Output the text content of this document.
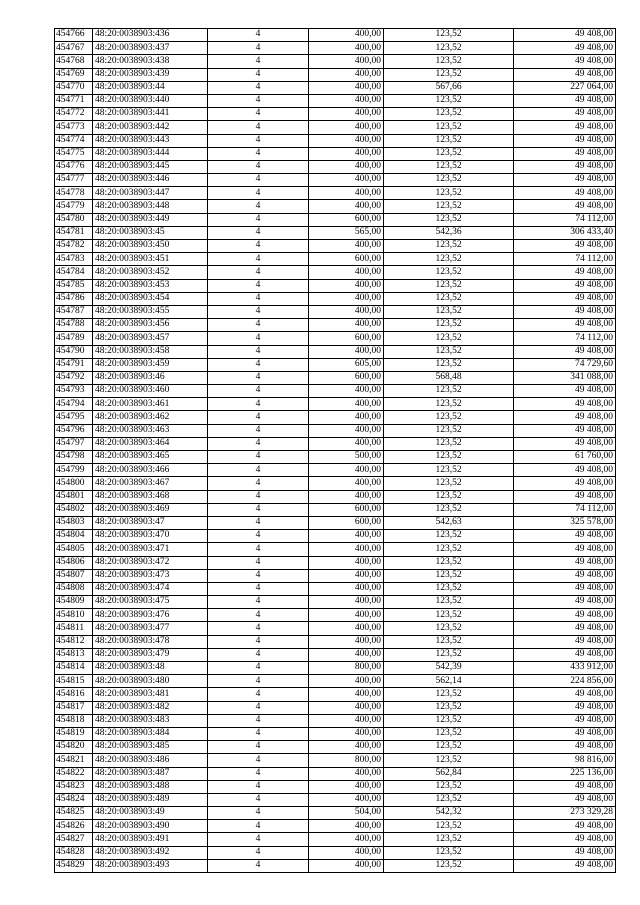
454766	48:20:0038903:436	4	400,00	123,52	49 408,00
454767	48:20:0038903:437	4	400,00	123,52	49 408,00
454768	48:20:0038903:438	4	400,00	123,52	49 408,00
454769	48:20:0038903:439	4	400,00	123,52	49 408,00
454770	48:20:0038903:44	4	400,00	567,66	227 064,00
454771	48:20:0038903:440	4	400,00	123,52	49 408,00
454772	48:20:0038903:441	4	400,00	123,52	49 408,00
454773	48:20:0038903:442	4	400,00	123,52	49 408,00
454774	48:20:0038903:443	4	400,00	123,52	49 408,00
454775	48:20:0038903:444	4	400,00	123,52	49 408,00
454776	48:20:0038903:445	4	400,00	123,52	49 408,00
454777	48:20:0038903:446	4	400,00	123,52	49 408,00
454778	48:20:0038903:447	4	400,00	123,52	49 408,00
454779	48:20:0038903:448	4	400,00	123,52	49 408,00
454780	48:20:0038903:449	4	600,00	123,52	74 112,00
454781	48:20:0038903:45	4	565,00	542,36	306 433,40
454782	48:20:0038903:450	4	400,00	123,52	49 408,00
454783	48:20:0038903:451	4	600,00	123,52	74 112,00
454784	48:20:0038903:452	4	400,00	123,52	49 408,00
454785	48:20:0038903:453	4	400,00	123,52	49 408,00
454786	48:20:0038903:454	4	400,00	123,52	49 408,00
454787	48:20:0038903:455	4	400,00	123,52	49 408,00
454788	48:20:0038903:456	4	400,00	123,52	49 408,00
454789	48:20:0038903:457	4	600,00	123,52	74 112,00
454790	48:20:0038903:458	4	400,00	123,52	49 408,00
454791	48:20:0038903:459	4	605,00	123,52	74 729,60
454792	48:20:0038903:46	4	600,00	568,48	341 088,00
454793	48:20:0038903:460	4	400,00	123,52	49 408,00
454794	48:20:0038903:461	4	400,00	123,52	49 408,00
454795	48:20:0038903:462	4	400,00	123,52	49 408,00
454796	48:20:0038903:463	4	400,00	123,52	49 408,00
454797	48:20:0038903:464	4	400,00	123,52	49 408,00
454798	48:20:0038903:465	4	500,00	123,52	61 760,00
454799	48:20:0038903:466	4	400,00	123,52	49 408,00
454800	48:20:0038903:467	4	400,00	123,52	49 408,00
454801	48:20:0038903:468	4	400,00	123,52	49 408,00
454802	48:20:0038903:469	4	600,00	123,52	74 112,00
454803	48:20:0038903:47	4	600,00	542,63	325 578,00
454804	48:20:0038903:470	4	400,00	123,52	49 408,00
454805	48:20:0038903:471	4	400,00	123,52	49 408,00
454806	48:20:0038903:472	4	400,00	123,52	49 408,00
454807	48:20:0038903:473	4	400,00	123,52	49 408,00
454808	48:20:0038903:474	4	400,00	123,52	49 408,00
454809	48:20:0038903:475	4	400,00	123,52	49 408,00
454810	48:20:0038903:476	4	400,00	123,52	49 408,00
454811	48:20:0038903:477	4	400,00	123,52	49 408,00
454812	48:20:0038903:478	4	400,00	123,52	49 408,00
454813	48:20:0038903:479	4	400,00	123,52	49 408,00
454814	48:20:0038903:48	4	800,00	542,39	433 912,00
454815	48:20:0038903:480	4	400,00	562,14	224 856,00
454816	48:20:0038903:481	4	400,00	123,52	49 408,00
454817	48:20:0038903:482	4	400,00	123,52	49 408,00
454818	48:20:0038903:483	4	400,00	123,52	49 408,00
454819	48:20:0038903:484	4	400,00	123,52	49 408,00
454820	48:20:0038903:485	4	400,00	123,52	49 408,00
454821	48:20:0038903:486	4	800,00	123,52	98 816,00
454822	48:20:0038903:487	4	400,00	562,84	225 136,00
454823	48:20:0038903:488	4	400,00	123,52	49 408,00
454824	48:20:0038903:489	4	400,00	123,52	49 408,00
454825	48:20:0038903:49	4	504,00	542,32	273 329,28
454826	48:20:0038903:490	4	400,00	123,52	49 408,00
454827	48:20:0038903:491	4	400,00	123,52	49 408,00
454828	48:20:0038903:492	4	400,00	123,52	49 408,00
454829	48:20:0038903:493	4	400,00	123,52	49 408,00
